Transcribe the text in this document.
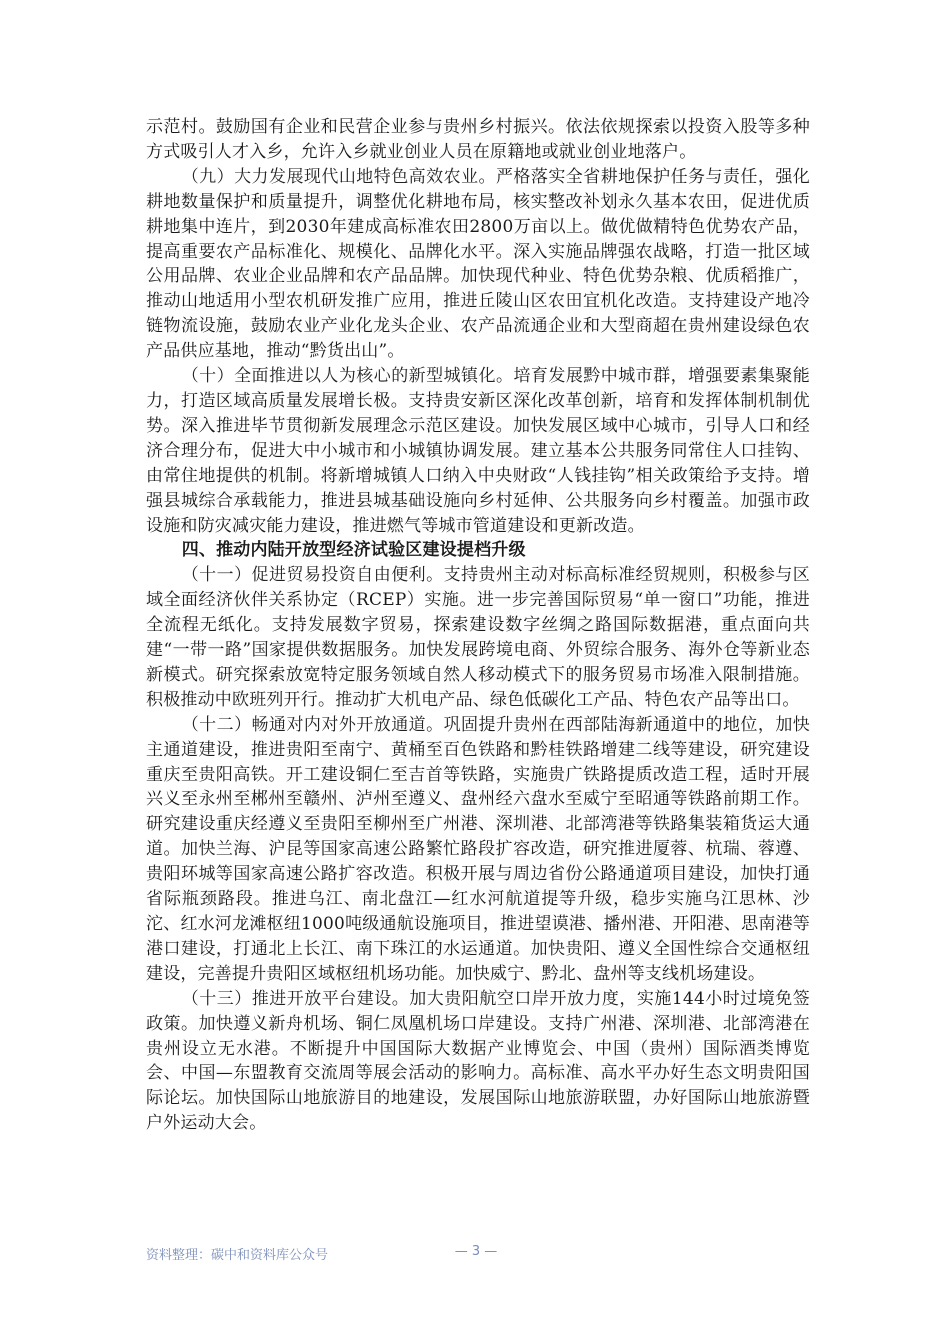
示范村。鼓励国有企业和民营企业参与贵州乡村振兴。依法依规探索以投资入股等多种方式吸引人才入乡，允许入乡就业创业人员在原籍地或就业创业地落户。

（九）大力发展现代山地特色高效农业。严格落实全省耕地保护任务与责任，强化耕地数量保护和质量提升，调整优化耕地布局，核实整改补划永久基本农田，促进优质耕地集中连片，到2030年建成高标准农田2800万亩以上。做优做精特色优势农产品，提高重要农产品标准化、规模化、品牌化水平。深入实施品牌强农战略，打造一批区域公用品牌、农业企业品牌和农产品品牌。加快现代种业、特色优势杂粮、优质稻推广，推动山地适用小型农机研发推广应用，推进丘陵山区农田宜机化改造。支持建设产地冷链物流设施，鼓励农业产业化龙头企业、农产品流通企业和大型商超在贵州建设绿色农产品供应基地，推动“黔货出山”。

（十）全面推进以人为核心的新型城镇化。培育发展黔中城市群，增强要素集聚能力，打造区域高质量发展增长极。支持贵安新区深化改革创新，培育和发挥体制机制优势。深入推进毕节贯彻新发展理念示范区建设。加快发展区域中心城市，引导人口和经济合理分布，促进大中小城市和小城镇协调发展。建立基本公共服务同常住人口挂钩、由常住地提供的机制。将新增城镇人口纳入中央财政“人钱挂钩”相关政策给予支持。增强县城综合承载能力，推进县城基础设施向乡村延伸、公共服务向乡村覆盖。加强市政设施和防灾减灾能力建设，推进燃气等城市管道建设和更新改造。

四、推动内陆开放型经济试验区建设提档升级

（十一）促进贸易投资自由便利。支持贵州主动对标高标准经贸规则，积极参与区域全面经济伙伴关系协定（RCEP）实施。进一步完善国际贸易“单一窗口”功能，推进全流程无纸化。支持发展数字贸易，探索建设数字丝绸之路国际数据港，重点面向共建“一带一路”国家提供数据服务。加快发展跨境电商、外贸综合服务、海外仓等新业态新模式。研究探索放宽特定服务领域自然人移动模式下的服务贸易市场准入限制措施。积极推动中欧班列开行。推动扩大机电产品、绿色低碳化工产品、特色农产品等出口。

（十二）畅通对内对外开放通道。巩固提升贵州在西部陆海新通道中的地位，加快主通道建设，推进贵阳至南宁、黄桶至百色铁路和黔桂铁路增建二线等建设，研究建设重庆至贵阳高铁。开工建设铜仁至吉首等铁路，实施贵广铁路提质改造工程，适时开展兴义至永州至郴州至赣州、泸州至遵义、盘州经六盘水至威宁至昭通等铁路前期工作。研究建设重庆经遵义至贵阳至柳州至广州港、深圳港、北部湾港等铁路集装箱货运大通道。加快兰海、沪昆等国家高速公路繁忙路段扩容改造，研究推进厦蓉、杭瑞、蓉遵、贵阳环城等国家高速公路扩容改造。积极开展与周边省份公路通道项目建设，加快打通省际瓶颈路段。推进乌江、南北盘江—红水河航道提等升级，稳步实施乌江思林、沙沱、红水河龙滩枢纽1000吨级通航设施项目，推进望谟港、播州港、开阳港、思南港等港口建设，打通北上长江、南下珠江的水运通道。加快贵阳、遵义全国性综合交通枢纽建设，完善提升贵阳区域枢纽机场功能。加快威宁、黔北、盘州等支线机场建设。

（十三）推进开放平台建设。加大贵阳航空口岸开放力度，实施144小时过境免签政策。加快遵义新舟机场、铜仁凤凰机场口岸建设。支持广州港、深圳港、北部湾港在贵州设立无水港。不断提升中国国际大数据产业博览会、中国（贵州）国际酒类博览会、中国—东盟教育交流周等展会活动的影响力。高标准、高水平办好生态文明贵阳国际论坛。加快国际山地旅游目的地建设，发展国际山地旅游联盟，办好国际山地旅游暨户外运动大会。

资料整理：碳中和资料库公众号	— 3 —
